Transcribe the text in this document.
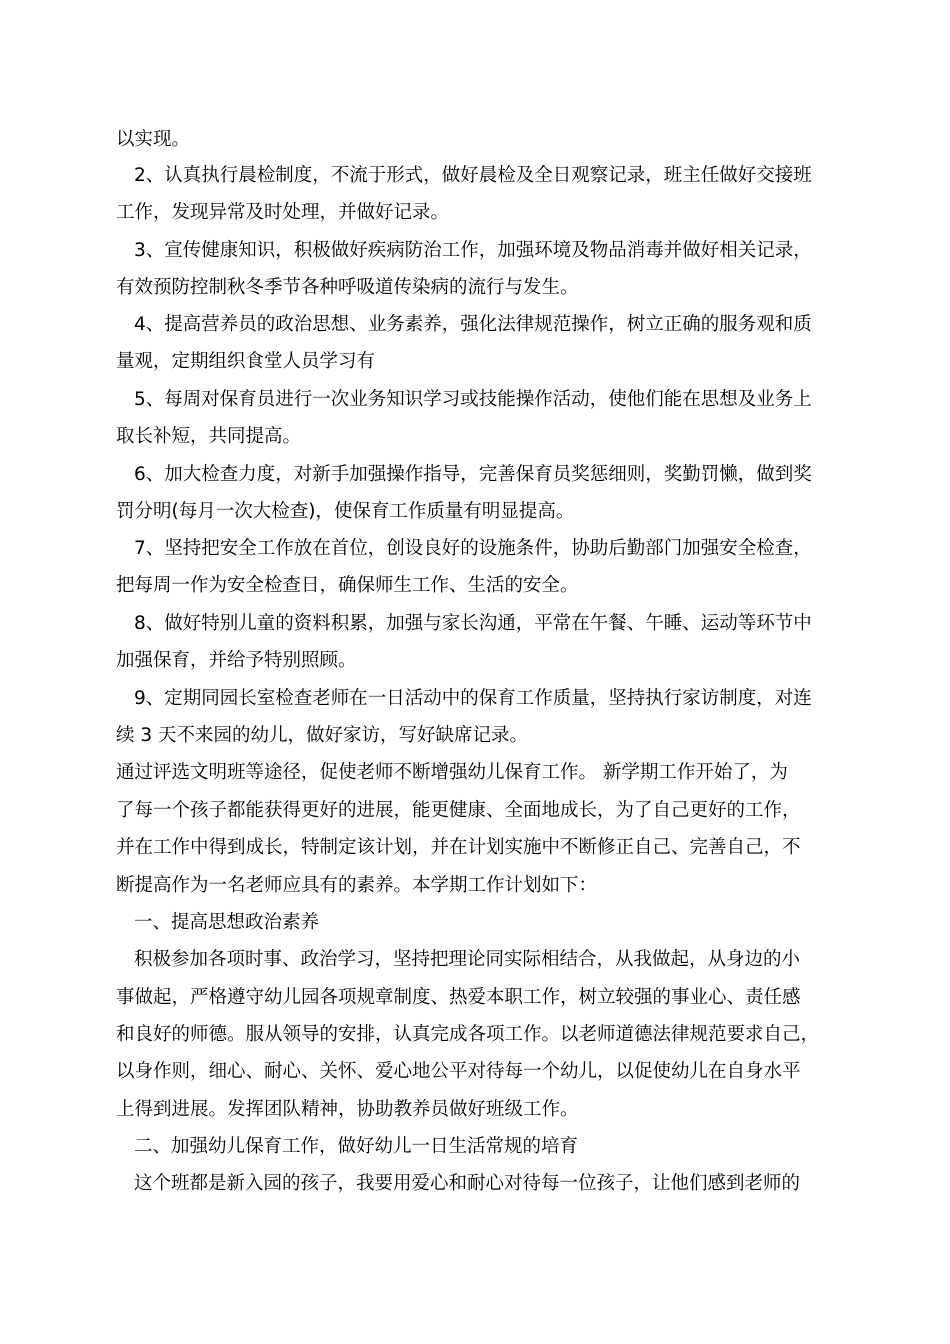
以实现。
2、认真执行晨检制度，不流于形式，做好晨检及全日观察记录，班主任做好交接班
工作，发现异常及时处理，并做好记录。
3、宣传健康知识，积极做好疾病防治工作，加强环境及物品消毒并做好相关记录，
有效预防控制秋冬季节各种呼吸道传染病的流行与发生。
4、提高营养员的政治思想、业务素养，强化法律规范操作，树立正确的服务观和质
量观，定期组织食堂人员学习有
5、每周对保育员进行一次业务知识学习或技能操作活动，使他们能在思想及业务上
取长补短，共同提高。
6、加大检查力度，对新手加强操作指导，完善保育员奖惩细则，奖勤罚懒，做到奖
罚分明(每月一次大检查)，使保育工作质量有明显提高。
7、坚持把安全工作放在首位，创设良好的设施条件，协助后勤部门加强安全检查，
把每周一作为安全检查日，确保师生工作、生活的安全。
8、做好特别儿童的资料积累，加强与家长沟通，平常在午餐、午睡、运动等环节中
加强保育，并给予特别照顾。
9、定期同园长室检查老师在一日活动中的保育工作质量，坚持执行家访制度，对连
续 3 天不来园的幼儿，做好家访，写好缺席记录。
通过评选文明班等途径，促使老师不断增强幼儿保育工作。 新学期工作开始了，为
了每一个孩子都能获得更好的进展，能更健康、全面地成长，为了自己更好的工作，
并在工作中得到成长，特制定该计划，并在计划实施中不断修正自己、完善自己，不
断提高作为一名老师应具有的素养。本学期工作计划如下：
一、提高思想政治素养
积极参加各项时事、政治学习，坚持把理论同实际相结合，从我做起，从身边的小
事做起，严格遵守幼儿园各项规章制度、热爱本职工作，树立较强的事业心、责任感
和良好的师德。服从领导的安排，认真完成各项工作。以老师道德法律规范要求自己，
以身作则，细心、耐心、关怀、爱心地公平对待每一个幼儿，以促使幼儿在自身水平
上得到进展。发挥团队精神，协助教养员做好班级工作。
二、加强幼儿保育工作，做好幼儿一日生活常规的培育
这个班都是新入园的孩子，我要用爱心和耐心对待每一位孩子，让他们感到老师的
